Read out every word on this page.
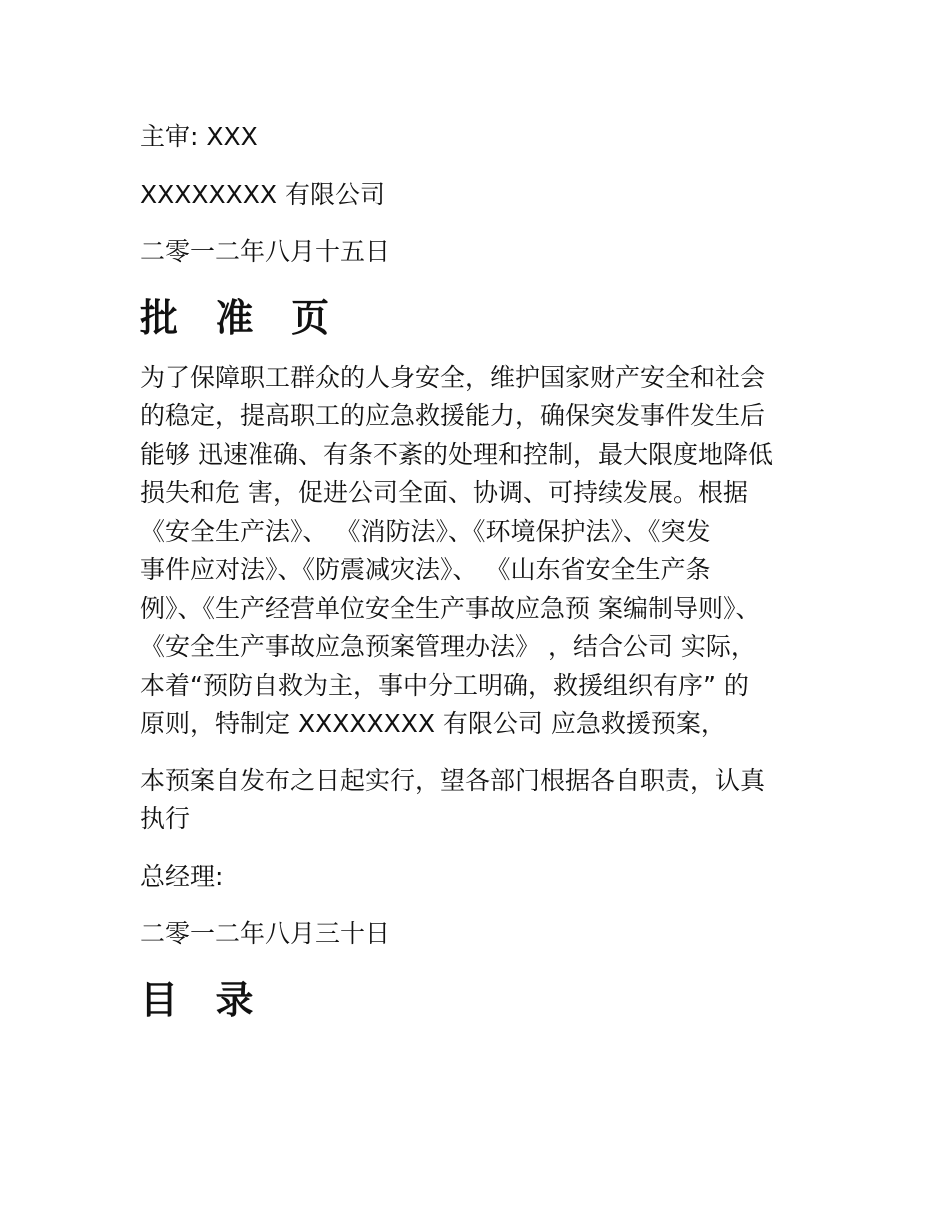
主审: XXX

XXXXXXXX 有限公司

二零一二年八月十五日

批 准 页

为了保障职工群众的人身安全，维护国家财产安全和社会

的稳定，提高职工的应急救援能力，确保突发事件发生后

能够 迅速准确、有条不紊的处理和控制，最大限度地降低

损失和危 害，促进公司全面、协调、可持续发展。根据

《安全生产法》、 《消防法》、《环境保护法》、《突发

事件应对法》、《防震减灾法》、 《山东省安全生产条

例》、《生产经营单位安全生产事故应急预 案编制导则》、

《安全生产事故应急预案管理办法》 ，结合公司 实际，

本着“预防自救为主，事中分工明确，救援组织有序” 的

原则，特制定 XXXXXXXX 有限公司 应急救援预案，

本预案自发布之日起实行，望各部门根据各自职责，认真

执行

总经理:

二零一二年八月三十日

目 录
